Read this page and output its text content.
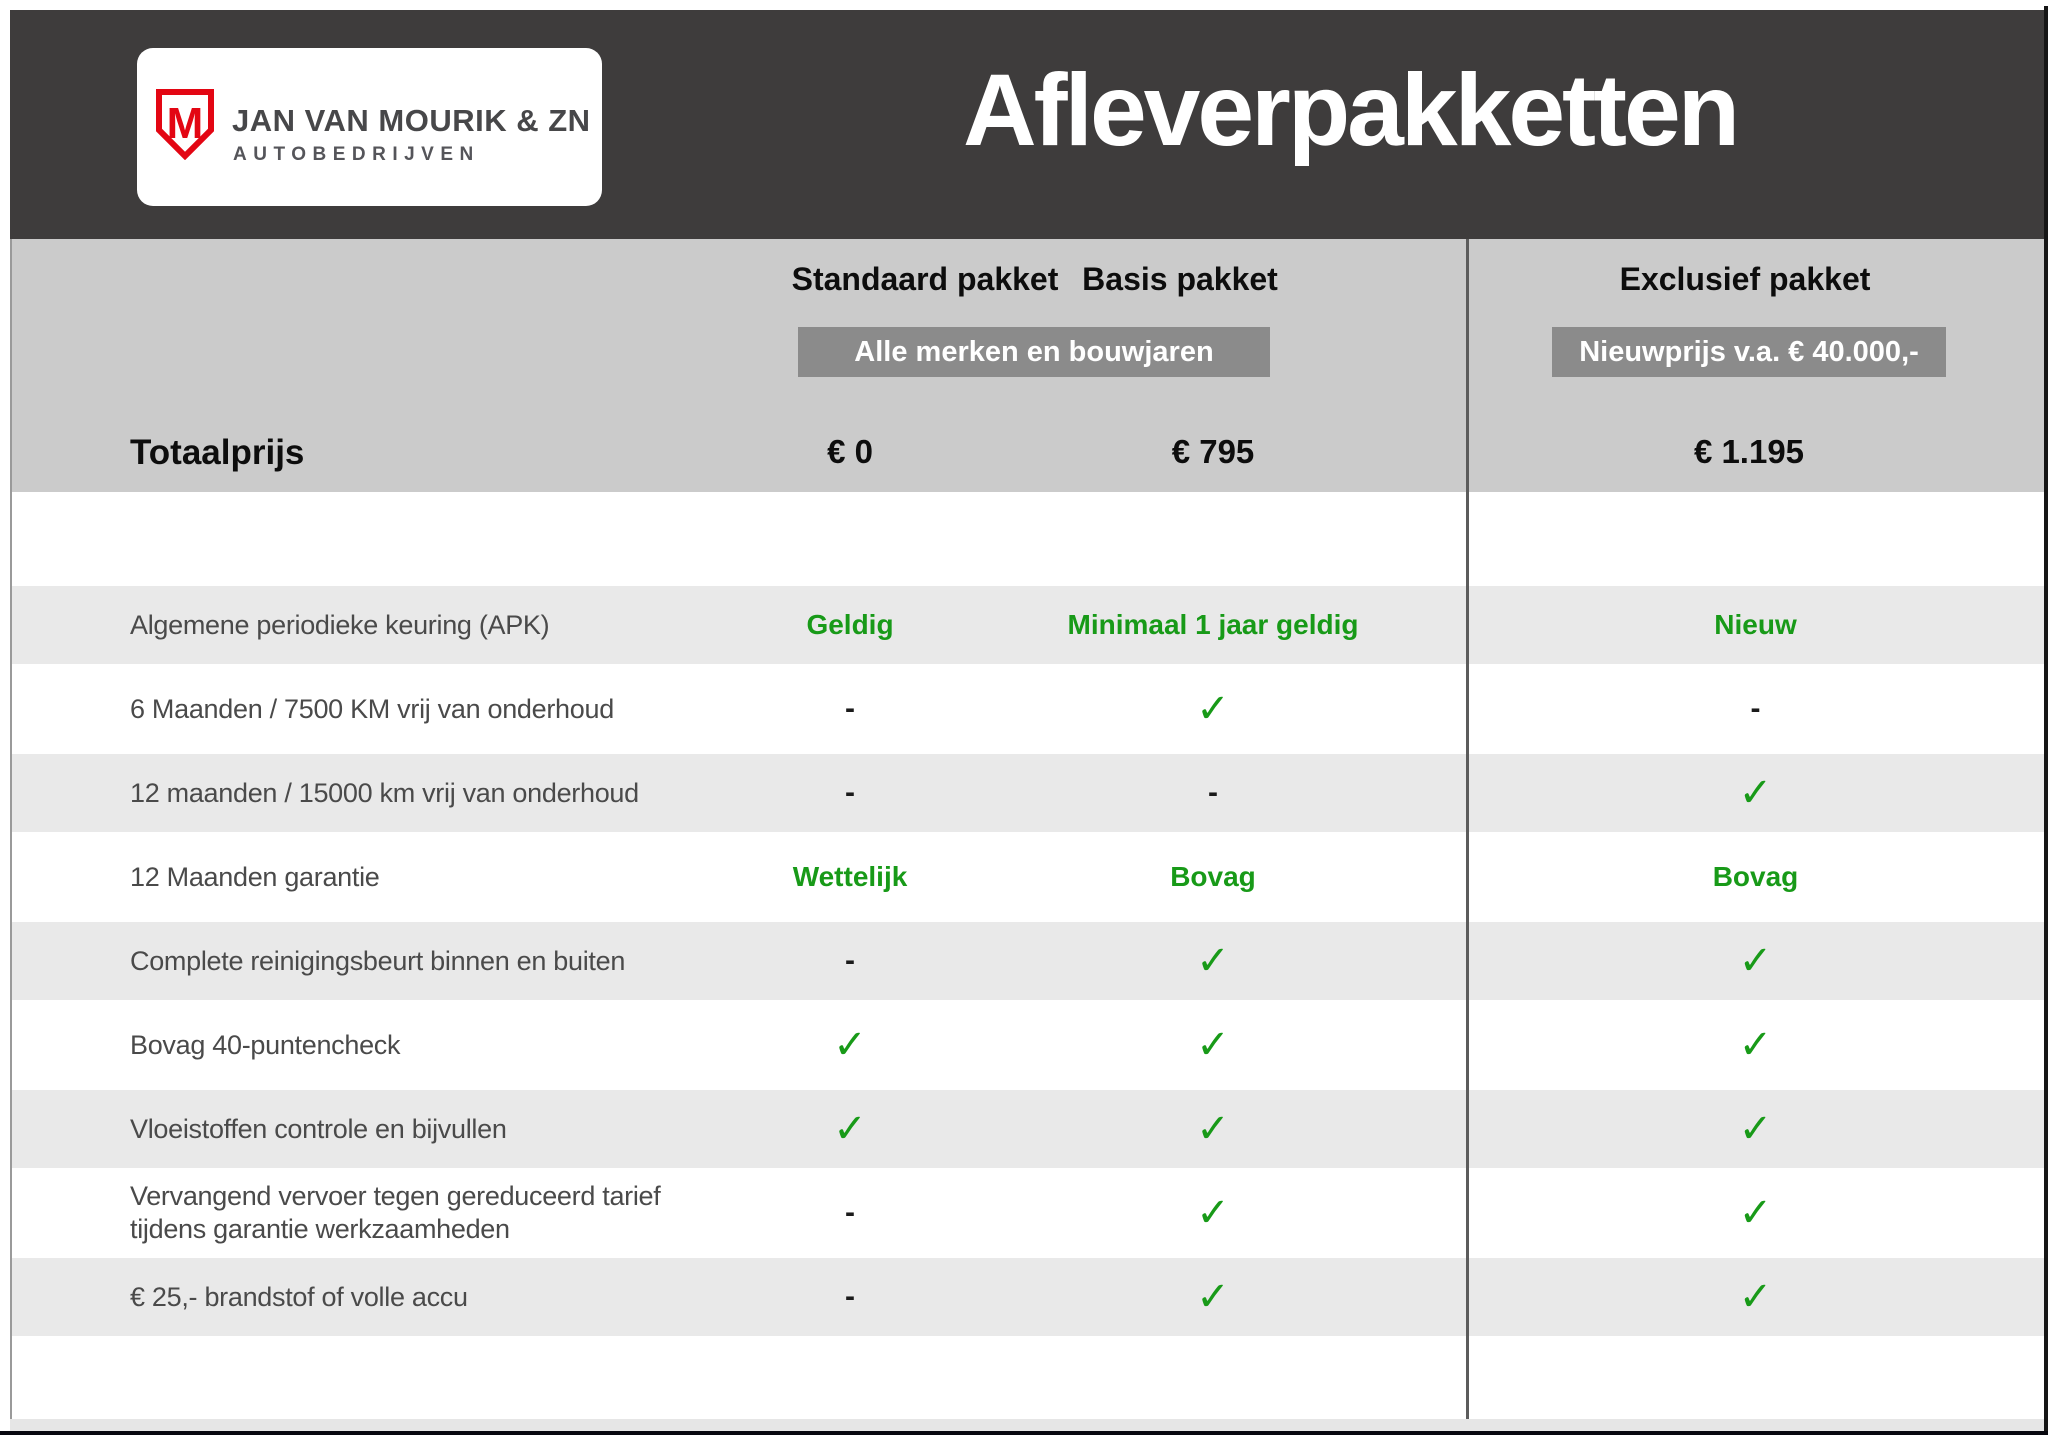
M JAN VAN MOURIK & ZN
AUTOBEDRIJVEN	Afleverpakketten
Standaard pakket Basis pakket	Exclusief pakket
Alle merken en bouwjaren	Nieuwprijs v.a. € 40.000,-
Totaalprijs	€ 0	€ 795	€ 1.195
Algemene periodieke keuring (APK)	Geldig	Minimaal 1 jaar geldig	Nieuw
6 Maanden / 7500 KM vrij van onderhoud	-	✓	-
12 maanden / 15000 km vrij van onderhoud	-	-	✓
12 Maanden garantie	Wettelijk	Bovag	Bovag
Complete reinigingsbeurt binnen en buiten	-	✓	✓
Bovag 40-puntencheck	✓	✓	✓
Vloeistoffen controle en bijvullen	✓	✓	✓
Vervangend vervoer tegen gereduceerd tarief
tijdens garantie werkzaamheden	-	✓	✓
€ 25,- brandstof of volle accu	-	✓	✓
